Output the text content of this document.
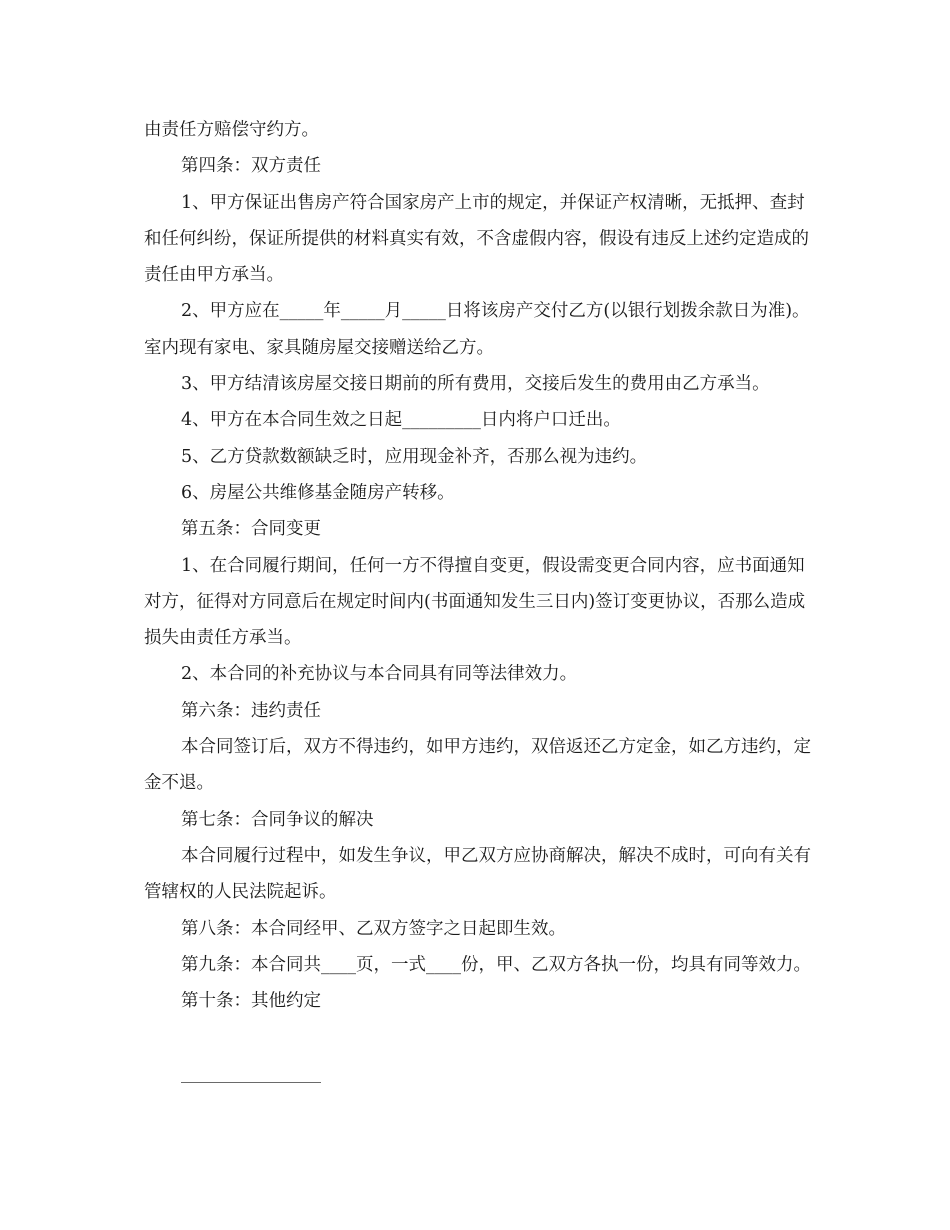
由责任方赔偿守约方。

第四条：双方责任

1、甲方保证出售房产符合国家房产上市的规定，并保证产权清晰，无抵押、查封和任何纠纷，保证所提供的材料真实有效，不含虚假内容，假设有违反上述约定造成的责任由甲方承当。

2、甲方应在_____年_____月_____日将该房产交付乙方(以银行划拨余款日为准)。室内现有家电、家具随房屋交接赠送给乙方。

3、甲方结清该房屋交接日期前的所有费用，交接后发生的费用由乙方承当。

4、甲方在本合同生效之日起_________日内将户口迁出。

5、乙方贷款数额缺乏时，应用现金补齐，否那么视为违约。

6、房屋公共维修基金随房产转移。

第五条：合同变更

1、在合同履行期间，任何一方不得擅自变更，假设需变更合同内容，应书面通知对方，征得对方同意后在规定时间内(书面通知发生三日内)签订变更协议，否那么造成损失由责任方承当。

2、本合同的补充协议与本合同具有同等法律效力。

第六条：违约责任

本合同签订后，双方不得违约，如甲方违约，双倍返还乙方定金，如乙方违约，定金不退。

第七条：合同争议的解决

本合同履行过程中，如发生争议，甲乙双方应协商解决，解决不成时，可向有关有管辖权的人民法院起诉。

第八条：本合同经甲、乙双方签字之日起即生效。

第九条：本合同共____页，一式____份，甲、乙双方各执一份，均具有同等效力。

第十条：其他约定
